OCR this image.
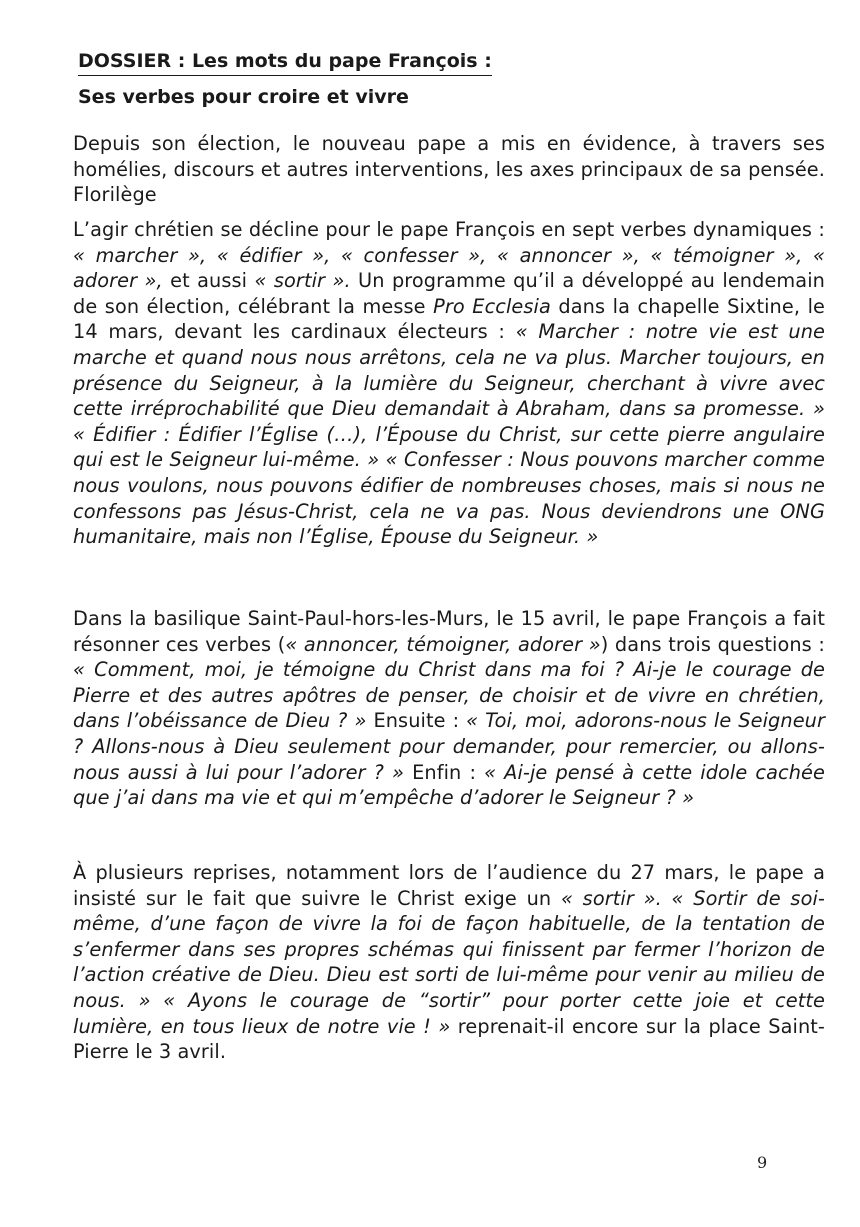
DOSSIER : Les mots du pape François :
Ses verbes pour croire et vivre

Depuis son élection, le nouveau pape a mis en évidence, à travers ses homélies, discours et autres interventions, les axes principaux de sa pensée. Florilège

L’agir chrétien se décline pour le pape François en sept verbes dynamiques : « marcher », « édifier », « confesser », « annoncer », « témoigner », « adorer », et aussi « sortir ». Un programme qu’il a développé au lendemain de son élection, célébrant la messe Pro Ecclesia dans la chapelle Sixtine, le 14 mars, devant les cardinaux électeurs : « Marcher : notre vie est une marche et quand nous nous arrêtons, cela ne va plus. Marcher toujours, en présence du Seigneur, à la lumière du Seigneur, cherchant à vivre avec cette irréprochabilité que Dieu demandait à Abraham, dans sa promesse. » « Édifier : Édifier l’Église (…), l’Épouse du Christ, sur cette pierre angulaire qui est le Seigneur lui-même. » « Confesser : Nous pouvons marcher comme nous voulons, nous pouvons édifier de nombreuses choses, mais si nous ne confessons pas Jésus-Christ, cela ne va pas. Nous deviendrons une ONG humanitaire, mais non l’Église, Épouse du Seigneur. »

Dans la basilique Saint-Paul-hors-les-Murs, le 15 avril, le pape François a fait résonner ces verbes (« annoncer, témoigner, adorer ») dans trois questions : « Comment, moi, je témoigne du Christ dans ma foi ? Ai-je le courage de Pierre et des autres apôtres de penser, de choisir et de vivre en chrétien, dans l’obéissance de Dieu ? » Ensuite : « Toi, moi, adorons-nous le Seigneur ? Allons-nous à Dieu seulement pour demander, pour remercier, ou allons-nous aussi à lui pour l’adorer ? » Enfin : « Ai-je pensé à cette idole cachée que j’ai dans ma vie et qui m’empêche d’adorer le Seigneur ? »

À plusieurs reprises, notamment lors de l’audience du 27 mars, le pape a insisté sur le fait que suivre le Christ exige un « sortir ». « Sortir de soi-même, d’une façon de vivre la foi de façon habituelle, de la tentation de s’enfermer dans ses propres schémas qui finissent par fermer l’horizon de l’action créative de Dieu. Dieu est sorti de lui-même pour venir au milieu de nous. » « Ayons le courage de “sortir” pour porter cette joie et cette lumière, en tous lieux de notre vie ! » reprenait-il encore sur la place Saint-Pierre le 3 avril.

9
